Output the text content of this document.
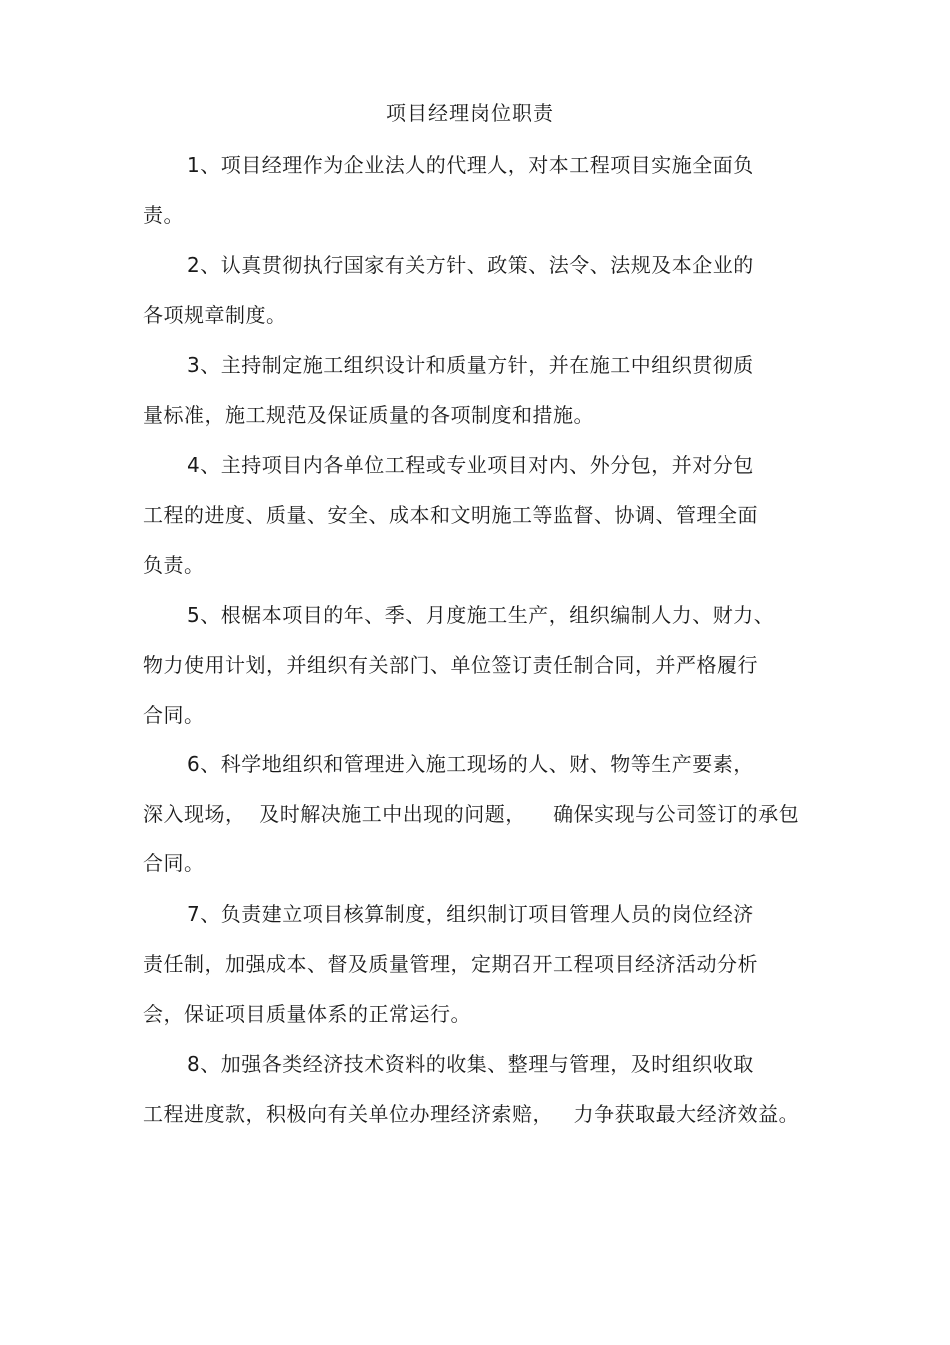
项目经理岗位职责
1、项目经理作为企业法人的代理人，对本工程项目实施全面负
责。
2、认真贯彻执行国家有关方针、政策、法令、法规及本企业的
各项规章制度。
3、主持制定施工组织设计和质量方针，并在施工中组织贯彻质
量标准，施工规范及保证质量的各项制度和措施。
4、主持项目内各单位工程或专业项目对内、外分包，并对分包
工程的进度、质量、安全、成本和文明施工等监督、协调、管理全面
负责。
5、根椐本项目的年、季、月度施工生产，组织编制人力、财力、
物力使用计划，并组织有关部门、单位签订责任制合同，并严格履行
合同。
6、科学地组织和管理进入施工现场的人、财、物等生产要素，
深入现场，  及时解决施工中出现的问题，    确保实现与公司签订的承包
合同。
7、负责建立项目核算制度，组织制订项目管理人员的岗位经济
责任制，加强成本、督及质量管理，定期召开工程项目经济活动分析
会，保证项目质量体系的正常运行。
8、加强各类经济技术资料的收集、整理与管理，及时组织收取
工程进度款，积极向有关单位办理经济索赔，   力争获取最大经济效益。
